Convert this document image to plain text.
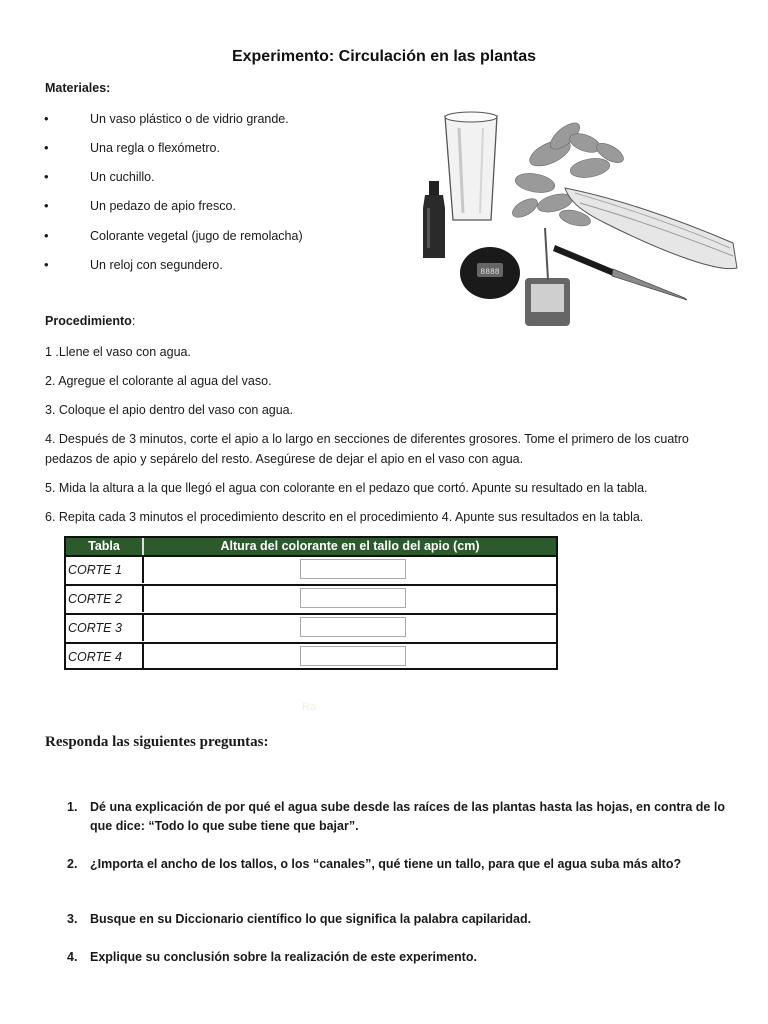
Experimento: Circulación en las plantas
Materiales:
•	Un vaso plástico o de vidrio grande.
•	Una regla o flexómetro.
•	Un cuchillo.
•	Un pedazo de apio fresco.
•	Colorante vegetal (jugo de remolacha)
•	Un reloj con segundero.
8888
Procedimiento:
1 .Llene el vaso con agua.
2. Agregue el colorante al agua del vaso.
3. Coloque el apio dentro del vaso con agua.
4. Después de 3 minutos, corte el apio a lo largo en secciones de diferentes grosores. Tome el primero de los cuatro pedazos de apio y sepárelo del resto. Asegúrese de dejar el apio en el vaso con agua.
5. Mida la altura a la que llegó el agua con colorante en el pedazo que cortó. Apunte su resultado en la tabla.
6. Repita cada 3 minutos el procedimiento descrito en el procedimiento 4. Apunte sus resultados en la tabla.
Tabla	Altura del colorante en el tallo del apio (cm)
CORTE 1
CORTE 2
CORTE 3
CORTE 4
Ra
Responda las siguientes preguntas:
1. Dé una explicación de por qué el agua sube desde las raíces de las plantas hasta las hojas, en contra de lo que dice: “Todo lo que sube tiene que bajar”.
2. ¿Importa el ancho de los tallos, o los “canales”, qué tiene un tallo, para que el agua suba más alto?
3. Busque en su Diccionario científico lo que significa la palabra capilaridad.
4. Explique su conclusión sobre la realización de este experimento.
